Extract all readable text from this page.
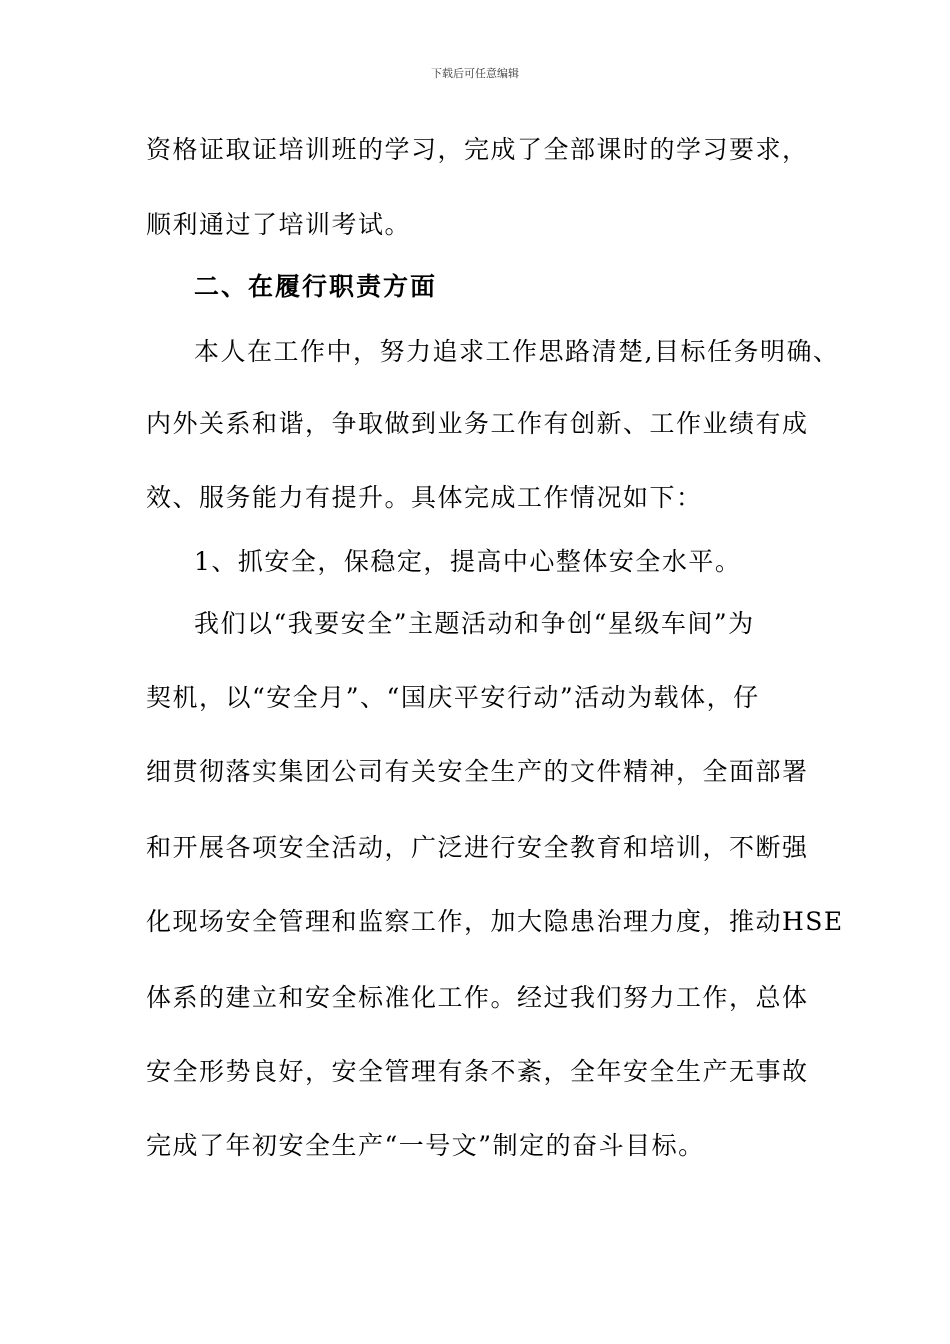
下载后可任意编辑
资格证取证培训班的学习，完成了全部课时的学习要求，
顺利通过了培训考试。
二、在履行职责方面
本人在工作中，努力追求工作思路清楚,目标任务明确、
内外关系和谐，争取做到业务工作有创新、工作业绩有成
效、服务能力有提升。具体完成工作情况如下：
1、抓安全，保稳定，提高中心整体安全水平。
我们以“我要安全”主题活动和争创“星级车间”为
契机，以“安全月”、“国庆平安行动”活动为载体，仔
细贯彻落实集团公司有关安全生产的文件精神，全面部署
和开展各项安全活动，广泛进行安全教育和培训，不断强
化现场安全管理和监察工作，加大隐患治理力度，推动HSE
体系的建立和安全标准化工作。经过我们努力工作，总体
安全形势良好，安全管理有条不紊，全年安全生产无事故
完成了年初安全生产“一号文”制定的奋斗目标。
